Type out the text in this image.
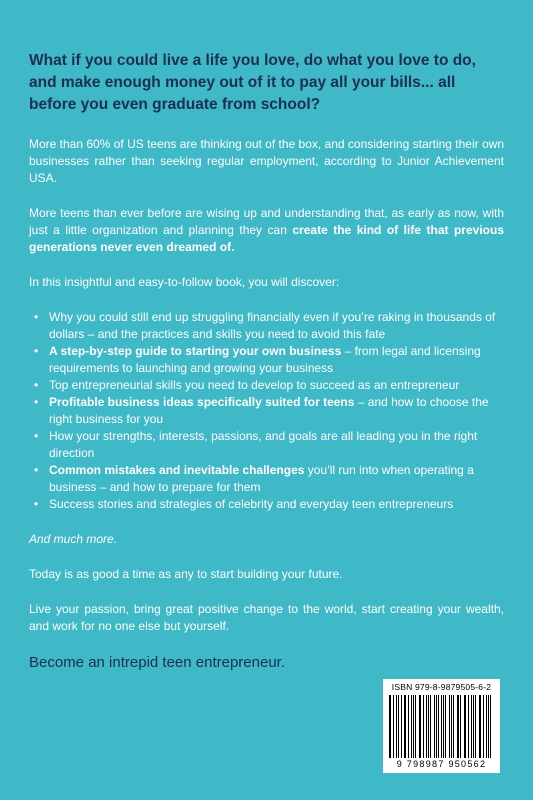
What if you could live a life you love, do what you love to do, and make enough money out of it to pay all your bills... all before you even graduate from school?

More than 60% of US teens are thinking out of the box, and considering starting their own businesses rather than seeking regular employment, according to Junior Achievement USA.

More teens than ever before are wising up and understanding that, as early as now, with just a little organization and planning they can create the kind of life that previous generations never even dreamed of.

In this insightful and easy-to-follow book, you will discover:

• Why you could still end up struggling financially even if you’re raking in thousands of dollars – and the practices and skills you need to avoid this fate
• A step-by-step guide to starting your own business – from legal and licensing requirements to launching and growing your business
• Top entrepreneurial skills you need to develop to succeed as an entrepreneur
• Profitable business ideas specifically suited for teens – and how to choose the right business for you
• How your strengths, interests, passions, and goals are all leading you in the right direction
• Common mistakes and inevitable challenges you’ll run into when operating a business – and how to prepare for them
• Success stories and strategies of celebrity and everyday teen entrepreneurs

And much more.

Today is as good a time as any to start building your future.

Live your passion, bring great positive change to the world, start creating your wealth, and work for no one else but yourself.

Become an intrepid teen entrepreneur.

ISBN 979-8-9879505-6-2
9 798987 950562
